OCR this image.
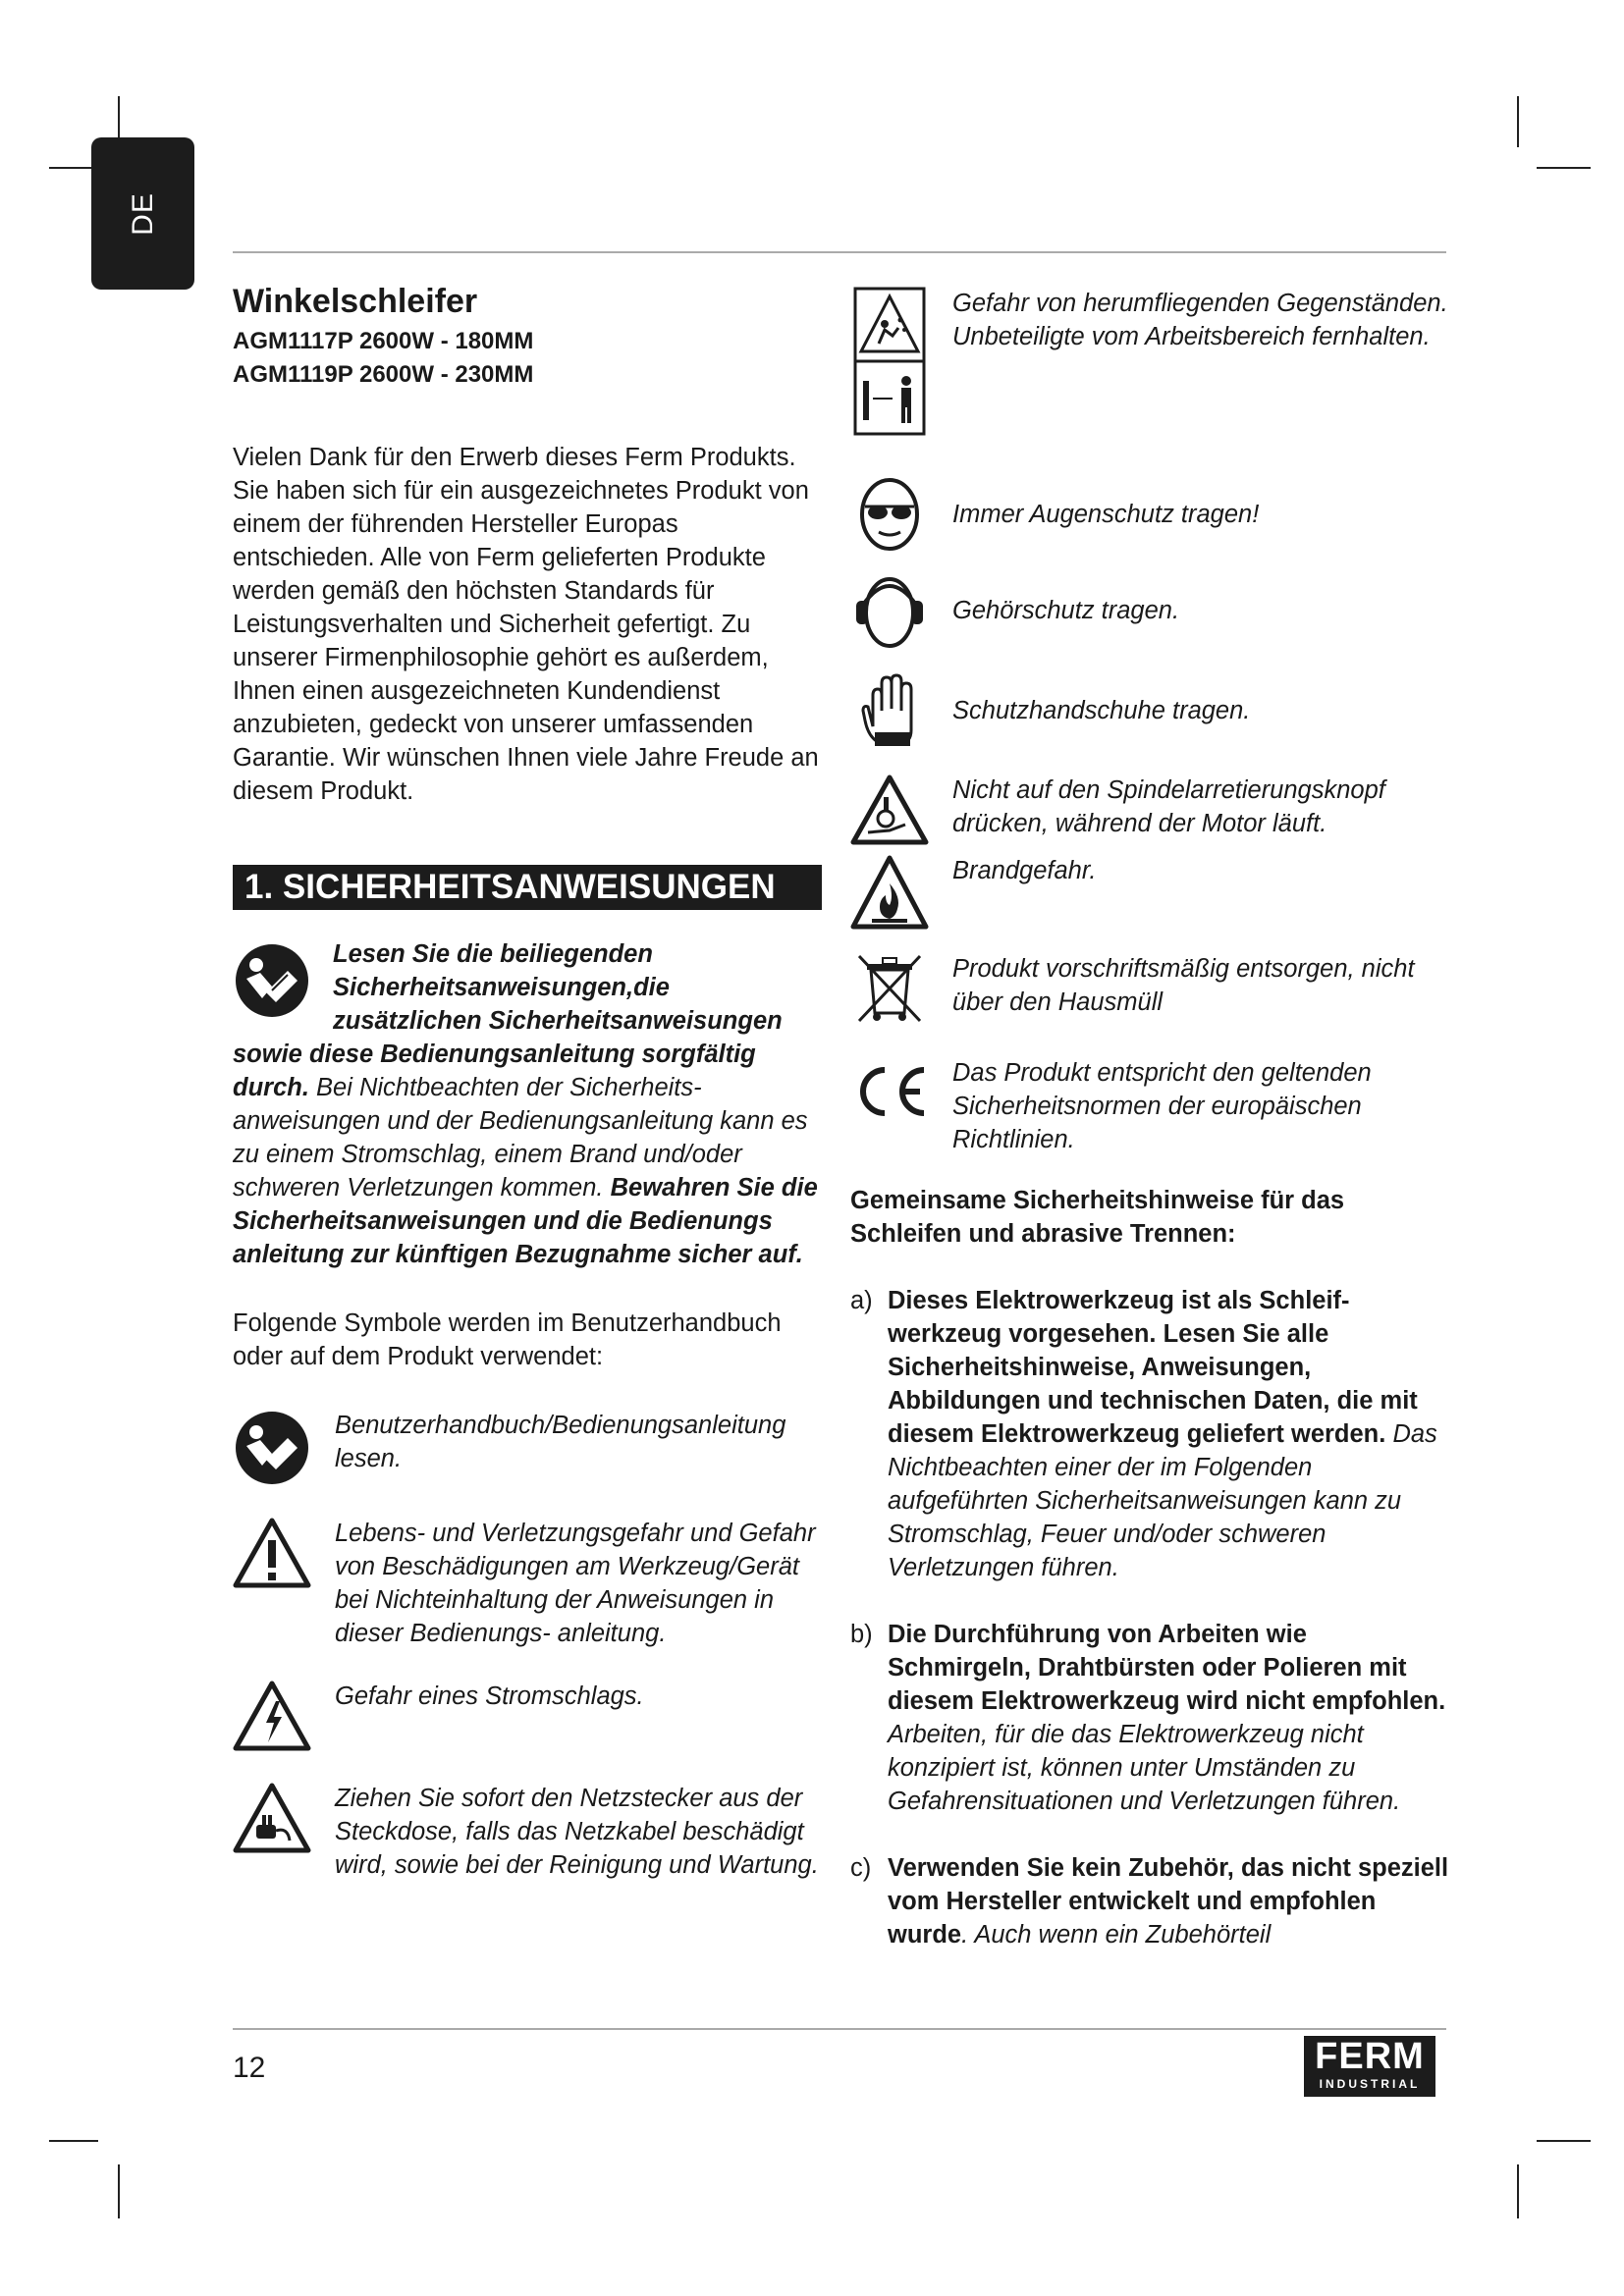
DE
Winkelschleifer
AGM1117P 2600W - 180MM
AGM1119P 2600W - 230MM

Vielen Dank für den Erwerb dieses Ferm Produkts. Sie haben sich für ein ausgezeichnetes Produkt von einem der führenden Hersteller Europas entschieden. Alle von Ferm gelieferten Produkte werden gemäß den höchsten Standards für Leistungsverhalten und Sicherheit gefertigt. Zu unserer Firmenphilosophie gehört es außerdem, Ihnen einen ausgezeichneten Kundendienst anzubieten, gedeckt von unserer umfassenden Garantie. Wir wünschen Ihnen viele Jahre Freude an diesem Produkt.

1. SICHERHEITSANWEISUNGEN

Lesen Sie die beiliegenden Sicherheitsanweisungen,die zusätzlichen Sicherheitsanweisungen sowie diese Bedienungsanleitung sorgfältig durch. Bei Nichtbeachten der Sicherheits- anweisungen und der Bedienungsanleitung kann es zu einem Stromschlag, einem Brand und/oder schweren Verletzungen kommen. Bewahren Sie die Sicherheitsanweisungen und die Bedienungs anleitung zur künftigen Bezugnahme sicher auf.

Folgende Symbole werden im Benutzerhandbuch oder auf dem Produkt verwendet:

Benutzerhandbuch/Bedienungsanleitung lesen.
Lebens- und Verletzungsgefahr und Gefahr von Beschädigungen am Werkzeug/Gerät bei Nichteinhaltung der Anweisungen in dieser Bedienungs- anleitung.
Gefahr eines Stromschlags.
Ziehen Sie sofort den Netzstecker aus der Steckdose, falls das Netzkabel beschädigt wird, sowie bei der Reinigung und Wartung.
Gefahr von herumfliegenden Gegenständen. Unbeteiligte vom Arbeitsbereich fernhalten.
Immer Augenschutz tragen!
Gehörschutz tragen.
Schutzhandschuhe tragen.
Nicht auf den Spindelarretierungsknopf drücken, während der Motor läuft.
Brandgefahr.
Produkt vorschriftsmäßig entsorgen, nicht über den Hausmüll
Das Produkt entspricht den geltenden Sicherheitsnormen der europäischen Richtlinien.
Gemeinsame Sicherheitshinweise für das Schleifen und abrasive Trennen:
a) Dieses Elektrowerkzeug ist als Schleif- werkzeug vorgesehen. Lesen Sie alle Sicherheitshinweise, Anweisungen, Abbildungen und technischen Daten, die mit diesem Elektrowerkzeug geliefert werden. Das Nichtbeachten einer der im Folgenden aufgeführten Sicherheitsanweisungen kann zu Stromschlag, Feuer und/oder schweren Verletzungen führen.
b) Die Durchführung von Arbeiten wie Schmirgeln, Drahtbürsten oder Polieren mit diesem Elektrowerkzeug wird nicht empfohlen. Arbeiten, für die das Elektrowerkzeug nicht konzipiert ist, können unter Umständen zu Gefahrensituationen und Verletzungen führen.
c) Verwenden Sie kein Zubehör, das nicht speziell vom Hersteller entwickelt und empfohlen wurde. Auch wenn ein Zubehörteil
12	FERM
INDUSTRIAL
